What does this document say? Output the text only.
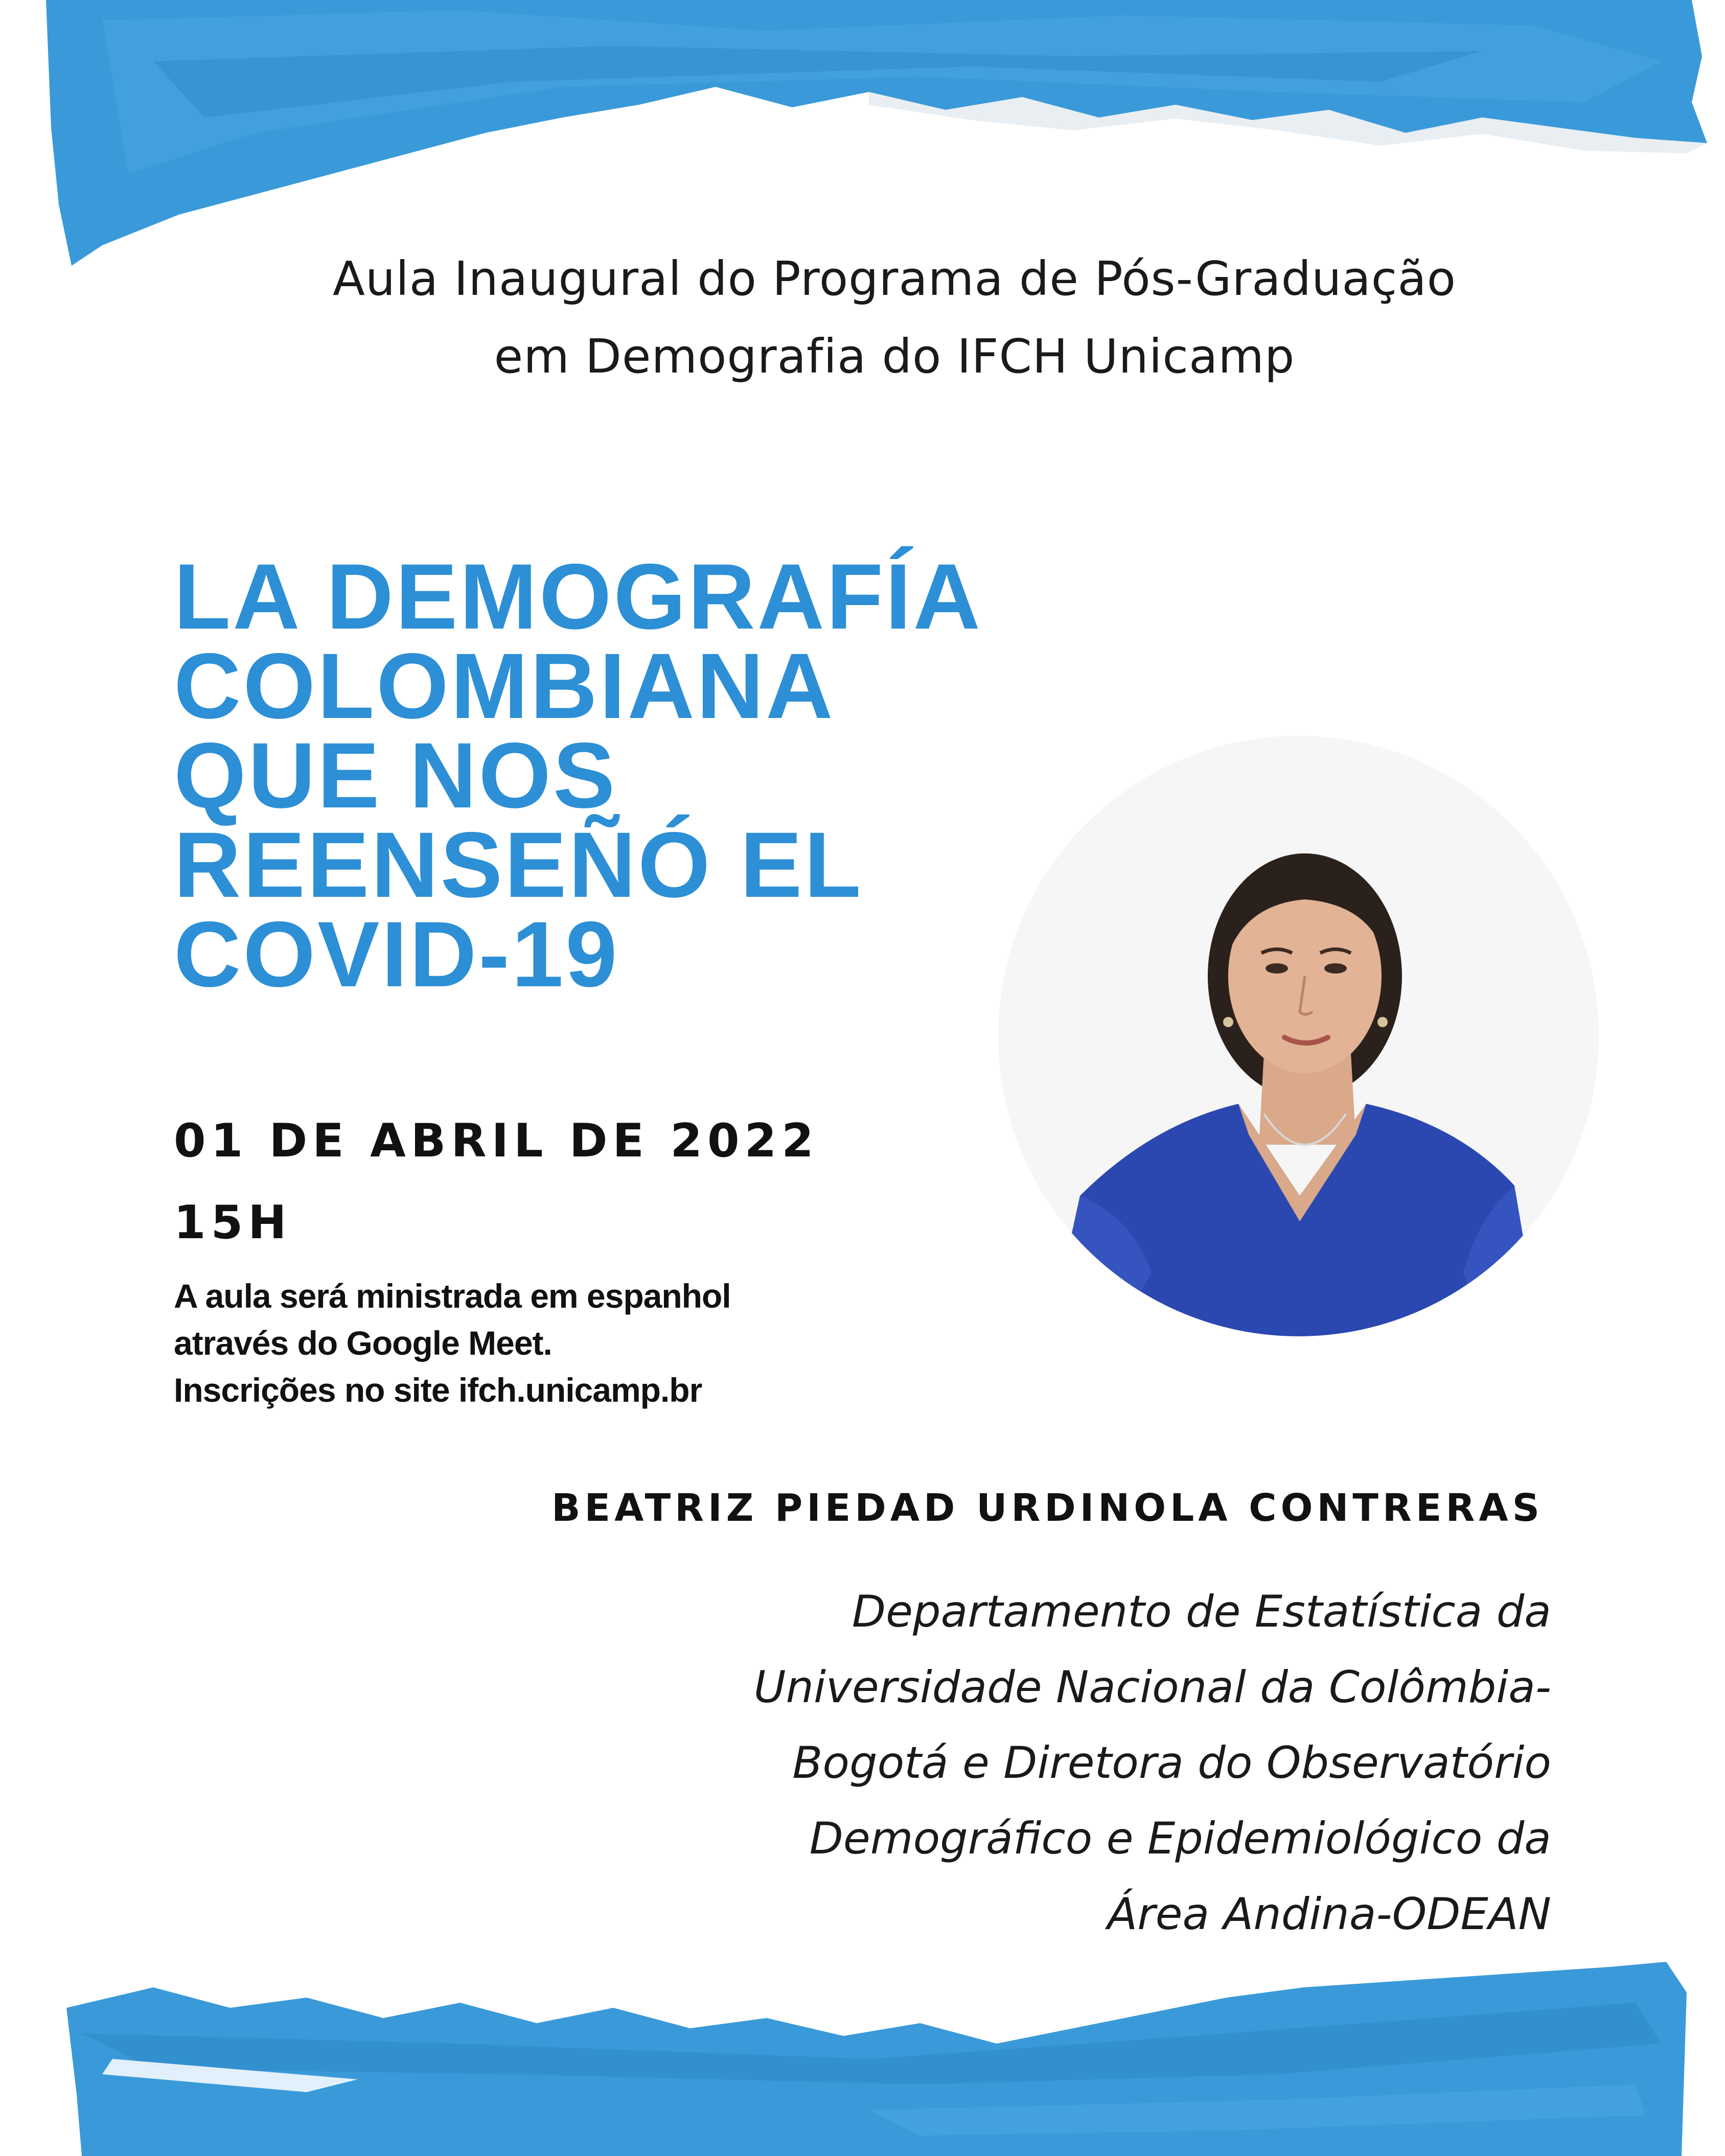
Aula Inaugural do Programa de Pós-Graduação
em Demografia do IFCH Unicamp
LA DEMOGRAFÍA
COLOMBIANA
QUE NOS
REENSEÑÓ EL
COVID-19
01 DE ABRIL DE 2022
15H
A aula será ministrada em espanhol
através do Google Meet.
Inscrições no site ifch.unicamp.br
BEATRIZ PIEDAD URDINOLA CONTRERAS
Departamento de Estatística da
Universidade Nacional da Colômbia-
Bogotá e Diretora do Observatório
Demográfico e Epidemiológico da
Área Andina-ODEAN
